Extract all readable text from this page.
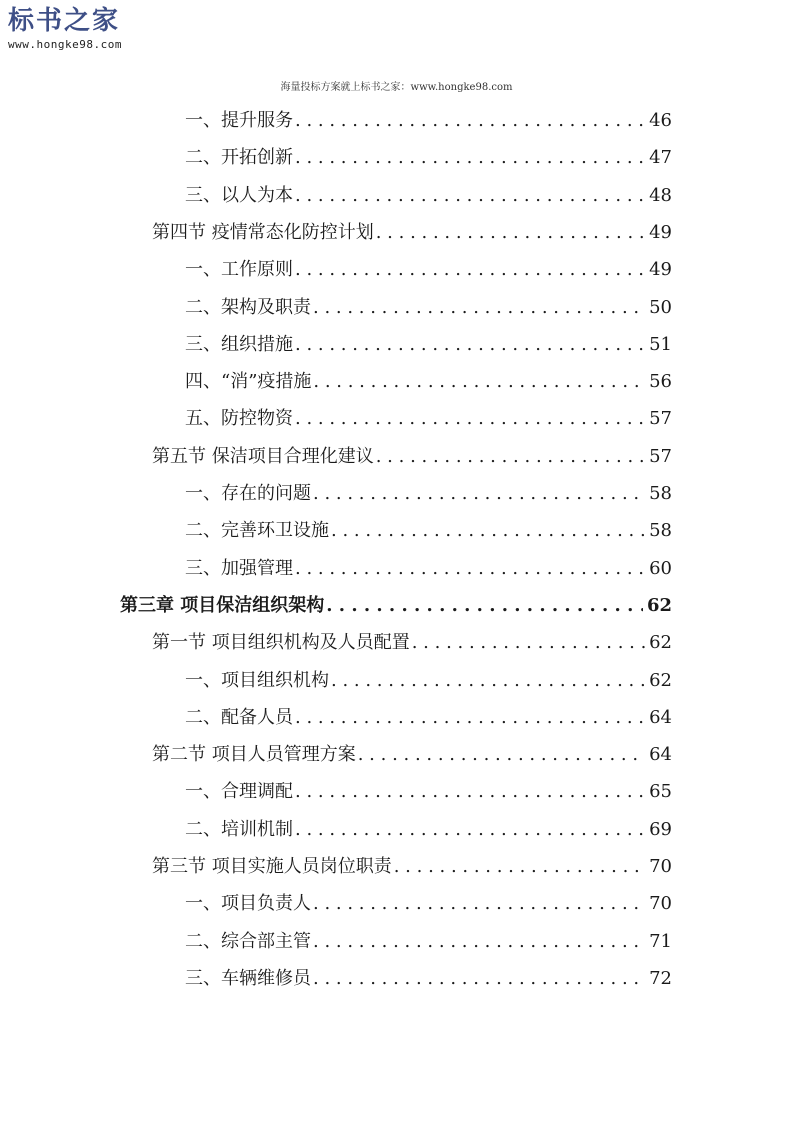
标书之家
www.hongke98.com
海量投标方案就上标书之家：www.hongke98.com
一、提升服务 . . .	46
二、开拓创新 . . .	47
三、以人为本 . . .	48
第四节 疫情常态化防控计划 . . .	49
一、工作原则 . . .	49
二、架构及职责 . . .	50
三、组织措施 . . .	51
四、“消”疫措施 . . .	56
五、防控物资 . . .	57
第五节 保洁项目合理化建议 . . .	57
一、存在的问题 . . .	58
二、完善环卫设施 . . .	58
三、加强管理 . . .	60
第三章 项目保洁组织架构 . . .	62
第一节 项目组织机构及人员配置 . . .	62
一、项目组织机构 . . .	62
二、配备人员 . . .	64
第二节 项目人员管理方案 . . .	64
一、合理调配 . . .	65
二、培训机制 . . .	69
第三节 项目实施人员岗位职责 . . .	70
一、项目负责人 . . .	70
二、综合部主管 . . .	71
三、车辆维修员 . . .	72
